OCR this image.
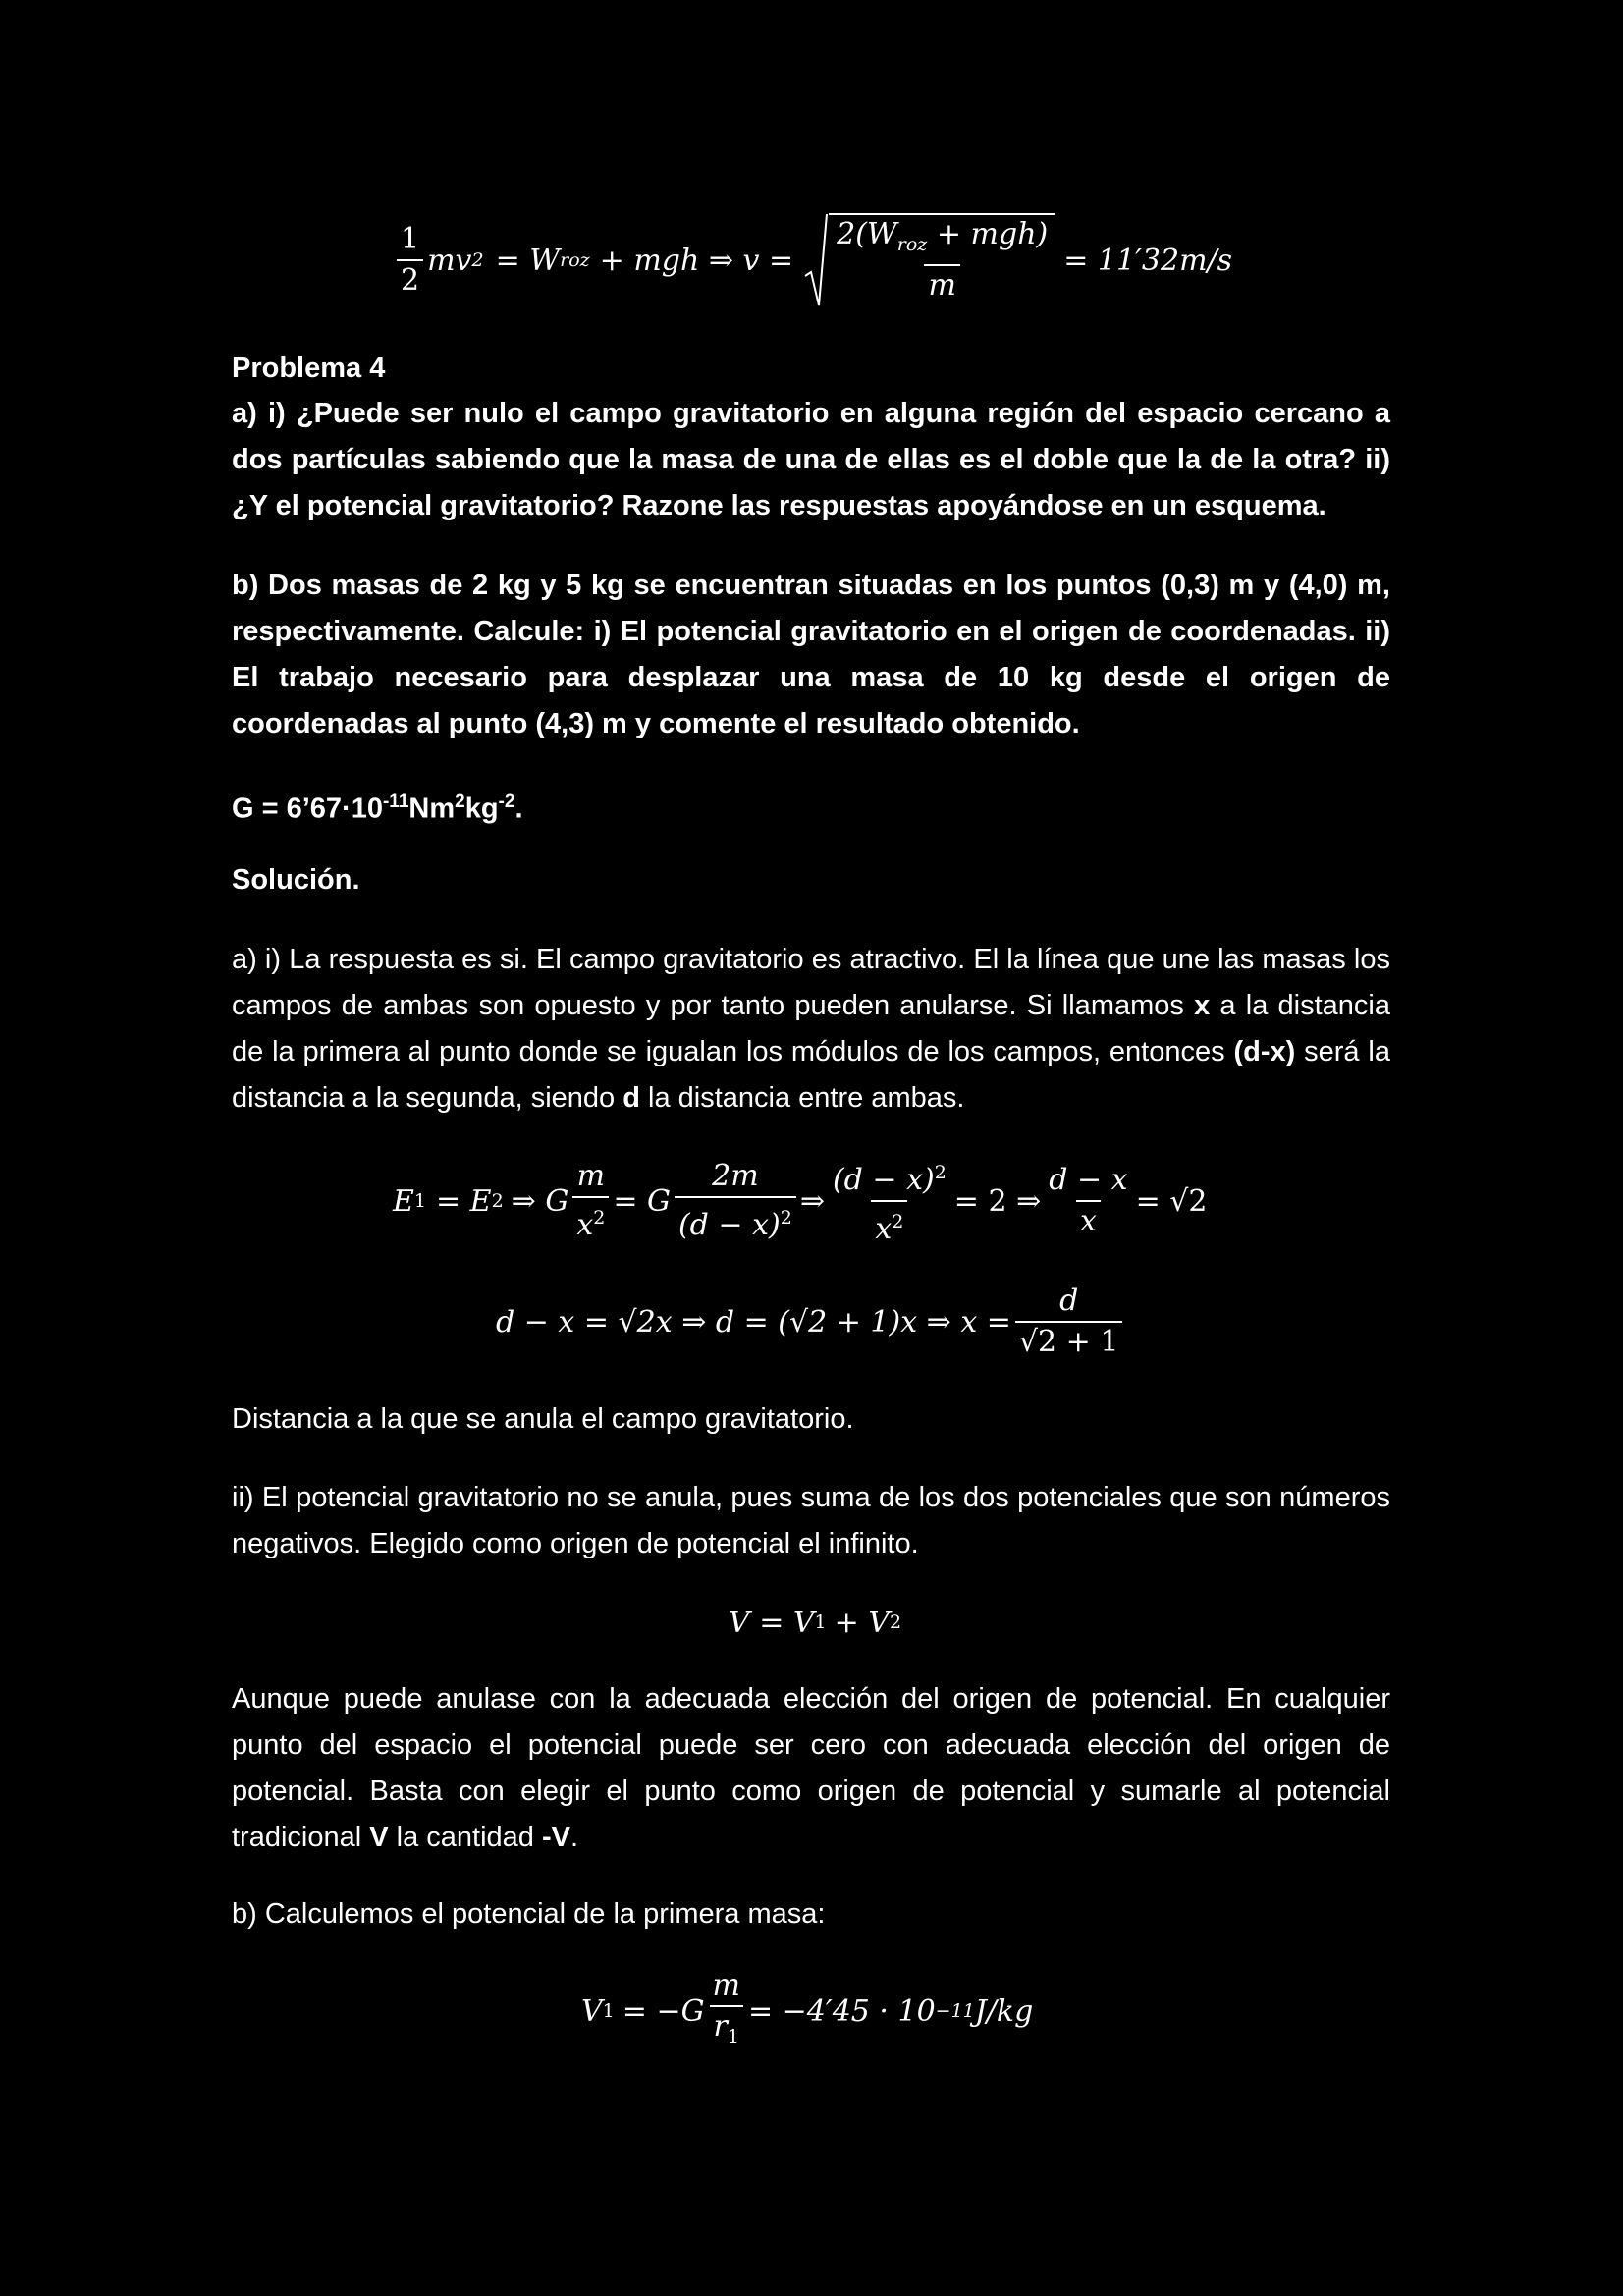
$\frac{1}{2}$ mv 2 = W roz + mgh ⇒ $v = \frac{2(W_{roz} + mgh)}{m} = 11'32m/s$
Problema 4
a) i) ¿Puede ser nulo el campo gravitatorio en alguna región del espacio cercano a dos partículas sabiendo que la masa de una de ellas es el doble que la de la otra? ii) ¿Y el potencial gravitatorio? Razone las respuestas apoyándose en un esquema.
b) Dos masas de 2 kg y 5 kg se encuentran situadas en los puntos (0,3) m y (4,0) m, respectivamente. Calcule: i) El potencial gravitatorio en el origen de coordenadas. ii) El trabajo necesario para desplazar una masa de 10 kg desde el origen de coordenadas al punto (4,3) m y comente el resultado obtenido.
$G = 6’67\cdot 10^{-11}Nm^2kg^{-2}$.
Solución.
a) i) La respuesta es si. El campo gravitatorio es atractivo. El la línea que une las masas los campos de ambas son opuesto y por tanto pueden anularse. Si llamamos x a la distancia de la primera al punto donde se igualan los módulos de los campos, entonces (d-x) será la distancia a la segunda, siendo d la distancia entre ambas.
Distancia a la que se anula el campo gravitatorio.
ii) El potencial gravitatorio no se anula, pues suma de los dos potenciales que son números negativos. Elegido como origen de potencial el infinito.
Aunque puede anulase con la adecuada elección del origen de potencial. En cualquier punto del espacio el potencial puede ser cero con adecuada elección del origen de potencial. Basta con elegir el punto como origen de potencial y sumarle al potencial tradicional V la cantidad -V.
b) Calculemos el potencial de la primera masa:
E 1 = E 2 ⇒ G $\frac{m}{x^2} = G \frac{2m}{(d - x)^2}$ ⇒ $\frac{(d - x)^2}{x^2} = 2$ ⇒ $\frac{d - x}{x} = √2$
d − x = √2x ⇒ d = (√2 + 1)x ⇒ $x = \frac{d}{√2 + 1}$
V = V 1 + V 2
V $1 = -G \frac{m}{r_1} = -4'45 \cdot 10 -11$ J/kg
